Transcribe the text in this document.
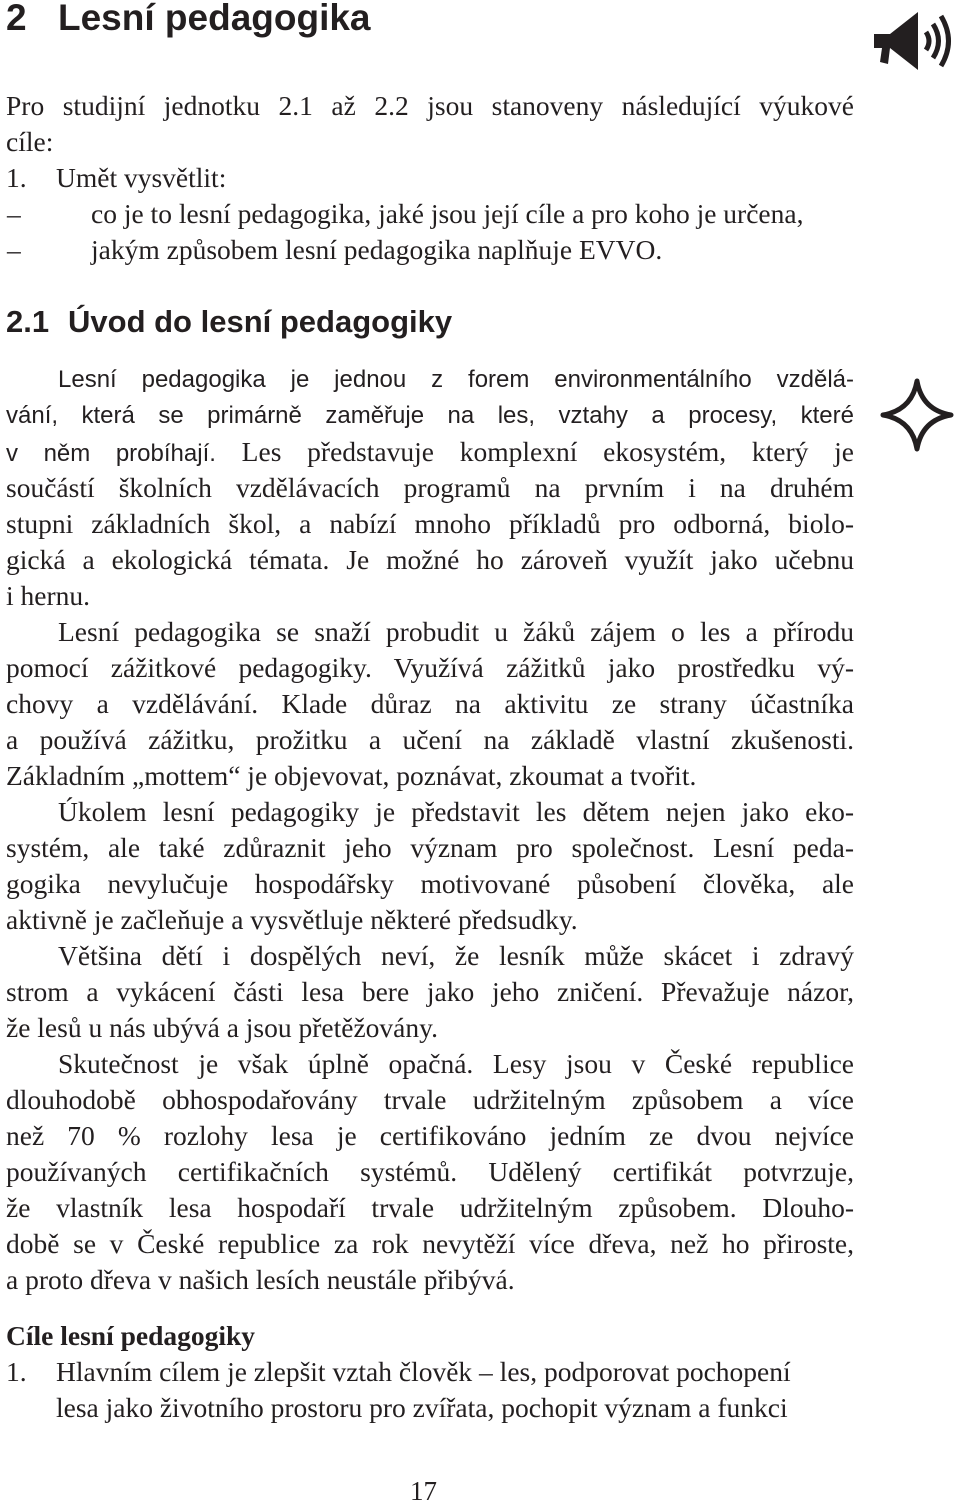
2 Lesní pedagogika
Pro studijní jednotku 2.1 až 2.2 jsou stanoveny následující výukové
cíle:
1. Umět vysvětlit:
–	co je to lesní pedagogika, jaké jsou její cíle a pro koho je určena,
–	jakým způsobem lesní pedagogika naplňuje EVVO.
2.1 Úvod do lesní pedagogiky
Lesní pedagogika je jednou z forem environmentálního vzdělá-
vání, která se primárně zaměřuje na les, vztahy a procesy, které
v něm probíhají. Les představuje komplexní ekosystém, který je
součástí školních vzdělávacích programů na prvním i na druhém
stupni základních škol, a nabízí mnoho příkladů pro odborná, biolo-
gická a ekologická témata. Je možné ho zároveň využít jako učebnu
i hernu.
Lesní pedagogika se snaží probudit u žáků zájem o les a přírodu
pomocí zážitkové pedagogiky. Využívá zážitků jako prostředku vý-
chovy a vzdělávání. Klade důraz na aktivitu ze strany účastníka
a používá zážitku, prožitku a učení na základě vlastní zkušenosti.
Základním „mottem“ je objevovat, poznávat, zkoumat a tvořit.
Úkolem lesní pedagogiky je představit les dětem nejen jako eko-
systém, ale také zdůraznit jeho význam pro společnost. Lesní peda-
gogika nevylučuje hospodářsky motivované působení člověka, ale
aktivně je začleňuje a vysvětluje některé předsudky.
Většina dětí i dospělých neví, že lesník může skácet i zdravý
strom a vykácení části lesa bere jako jeho zničení. Převažuje názor,
že lesů u nás ubývá a jsou přetěžovány.
Skutečnost je však úplně opačná. Lesy jsou v České republice
dlouhodobě obhospodařovány trvale udržitelným způsobem a více
než 70 % rozlohy lesa je certifikováno jedním ze dvou nejvíce
používaných certifikačních systémů. Udělený certifikát potvrzuje,
že vlastník lesa hospodaří trvale udržitelným způsobem. Dlouho-
době se v České republice za rok nevytěží více dřeva, než ho přiroste,
a proto dřeva v našich lesích neustále přibývá.
Cíle lesní pedagogiky
1. Hlavním cílem je zlepšit vztah člověk – les, podporovat pochopení
lesa jako životního prostoru pro zvířata, pochopit význam a funkci
17
